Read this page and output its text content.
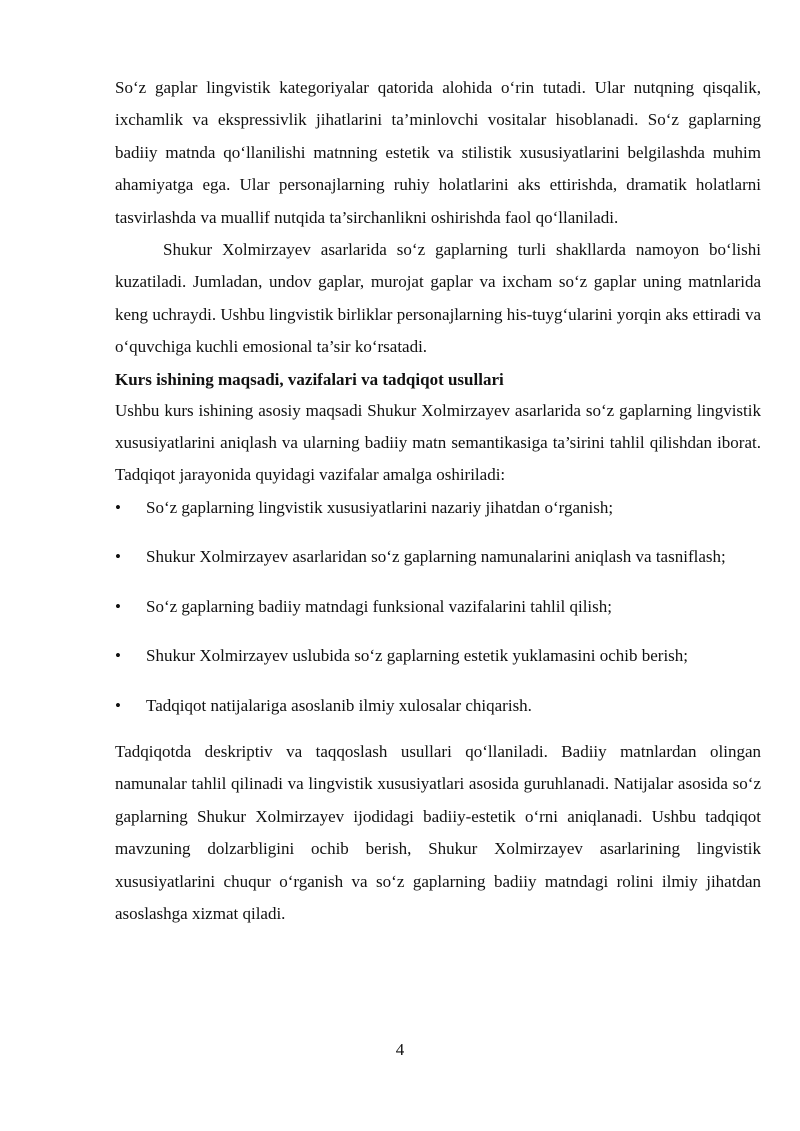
So‘z gaplar lingvistik kategoriyalar qatorida alohida o‘rin tutadi. Ular nutqning qisqalik, ixchamlik va ekspressivlik jihatlarini ta’minlovchi vositalar hisoblanadi. So‘z gaplarning badiiy matnda qo‘llanilishi matnning estetik va stilistik xususiyatlarini belgilashda muhim ahamiyatga ega. Ular personajlarning ruhiy holatlarini aks ettirishda, dramatik holatlarni tasvirlashda va muallif nutqida ta’sirchanlikni oshirishda faol qo‘llaniladi.

Shukur Xolmirzayev asarlarida so‘z gaplarning turli shakllarda namoyon bo‘lishi kuzatiladi. Jumladan, undov gaplar, murojat gaplar va ixcham so‘z gaplar uning matnlarida keng uchraydi. Ushbu lingvistik birliklar personajlarning his-tuyg‘ularini yorqin aks ettiradi va o‘quvchiga kuchli emosional ta’sir ko‘rsatadi.

Kurs ishining maqsadi, vazifalari va tadqiqot usullari

Ushbu kurs ishining asosiy maqsadi Shukur Xolmirzayev asarlarida so‘z gaplarning lingvistik xususiyatlarini aniqlash va ularning badiiy matn semantikasiga ta’sirini tahlil qilishdan iborat. Tadqiqot jarayonida quyidagi vazifalar amalga oshiriladi:

• So‘z gaplarning lingvistik xususiyatlarini nazariy jihatdan o‘rganish;
• Shukur Xolmirzayev asarlaridan so‘z gaplarning namunalarini aniqlash va tasniflash;
• So‘z gaplarning badiiy matndagi funksional vazifalarini tahlil qilish;
• Shukur Xolmirzayev uslubida so‘z gaplarning estetik yuklamasini ochib berish;
• Tadqiqot natijalariga asoslanib ilmiy xulosalar chiqarish.

Tadqiqotda deskriptiv va taqqoslash usullari qo‘llaniladi. Badiiy matnlardan olingan namunalar tahlil qilinadi va lingvistik xususiyatlari asosida guruhlanadi. Natijalar asosida so‘z gaplarning Shukur Xolmirzayev ijodidagi badiiy-estetik o‘rni aniqlanadi. Ushbu tadqiqot mavzuning dolzarbligini ochib berish, Shukur Xolmirzayev asarlarining lingvistik xususiyatlarini chuqur o‘rganish va so‘z gaplarning badiiy matndagi rolini ilmiy jihatdan asoslashga xizmat qiladi.

4
